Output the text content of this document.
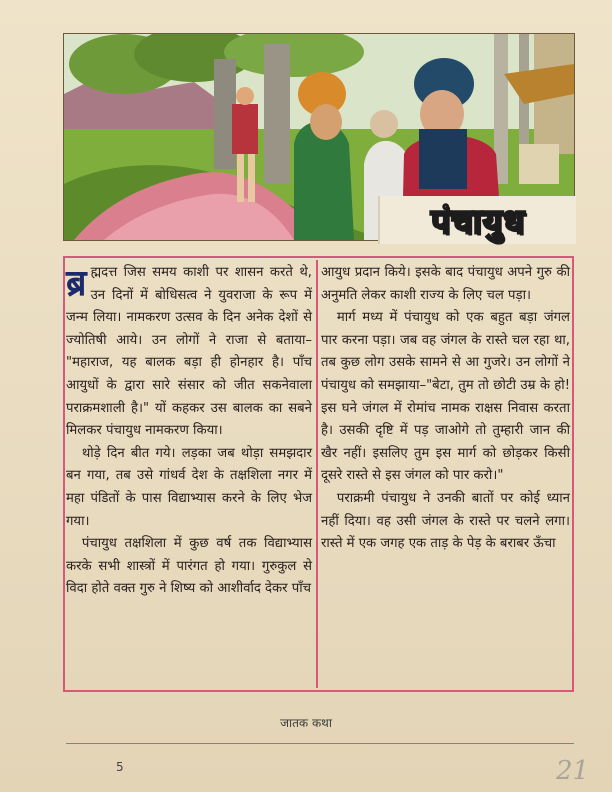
पंचायुध

ब्र ह्मदत्त जिस समय काशी पर शासन करते थे, उन दिनों में बोधिसत्व ने युवराजा के रूप में जन्म लिया। नामकरण उत्सव के दिन अनेक देशों से ज्योतिषी आये। उन लोगों ने राजा से बताया– "महाराज, यह बालक बड़ा ही होनहार है। पाँच आयुधों के द्वारा सारे संसार को जीत सकनेवाला पराक्रमशाली है।" यों कहकर उस बालक का सबने मिलकर पंचायुध नामकरण किया।

थोड़े दिन बीत गये। लड़का जब थोड़ा समझदार बन गया, तब उसे गांधर्व देश के तक्षशिला नगर में महा पंडितों के पास विद्याभ्यास करने के लिए भेज गया।

पंचायुध तक्षशिला में कुछ वर्ष तक विद्याभ्यास करके सभी शास्त्रों में पारंगत हो गया। गुरुकुल से विदा होते वक्त गुरु ने शिष्य को आशीर्वाद देकर पाँच

आयुध प्रदान किये। इसके बाद पंचायुध अपने गुरु की अनुमति लेकर काशी राज्य के लिए चल पड़ा।

मार्ग मध्य में पंचायुध को एक बहुत बड़ा जंगल पार करना पड़ा। जब वह जंगल के रास्ते चल रहा था, तब कुछ लोग उसके सामने से आ गुजरे। उन लोगों ने पंचायुध को समझाया–"बेटा, तुम तो छोटी उम्र के हो! इस घने जंगल में रोमांच नामक राक्षस निवास करता है। उसकी दृष्टि में पड़ जाओगे तो तुम्हारी जान की खैर नहीं। इसलिए तुम इस मार्ग को छोड़कर किसी दूसरे रास्ते से इस जंगल को पार करो।"

पराक्रमी पंचायुध ने उनकी बातों पर कोई ध्यान नहीं दिया। वह उसी जंगल के रास्ते पर चलने लगा। रास्ते में एक जगह एक ताड़ के पेड़ के बराबर ऊँचा

जातक कथा
5	21
